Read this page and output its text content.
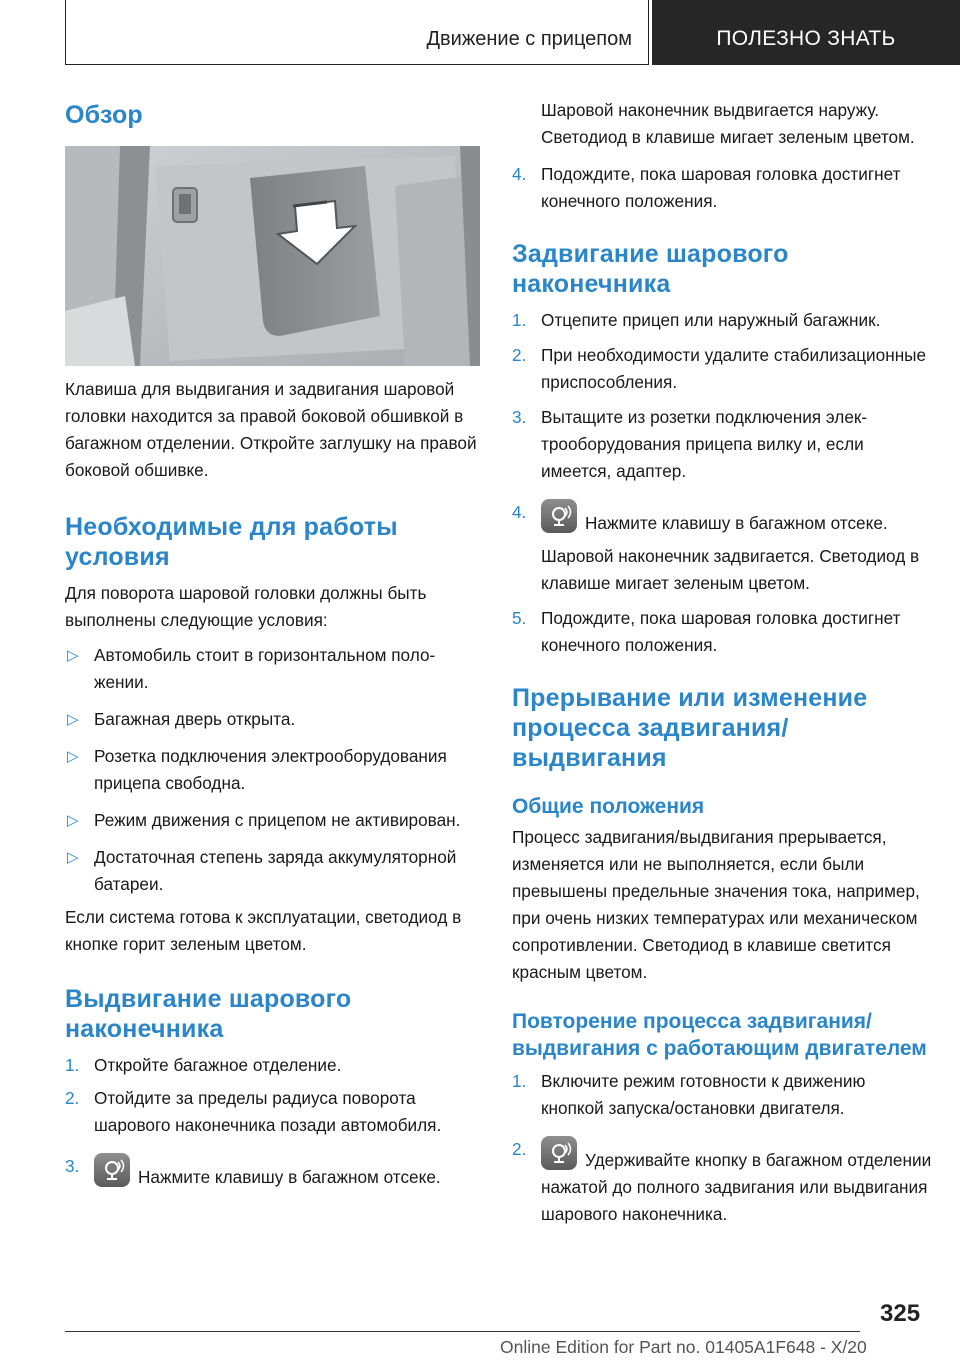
Движение с прицепом	ПОЛЕЗНО ЗНАТЬ
Обзор

Клавиша для выдвигания и задвигания шаровой головки находится за правой боковой обшивкой в багажном отделении. Откройте заглушку на правой боковой обшивке.

Необходимые для работы условия

Для поворота шаровой головки должны быть выполнены следующие условия:

▷ Автомобиль стоит в горизонтальном положении.
▷ Багажная дверь открыта.
▷ Розетка подключения электрооборудования прицепа свободна.
▷ Режим движения с прицепом не активирован.
▷ Достаточная степень заряда аккумуляторной батареи.

Если система готова к эксплуатации, светодиод в кнопке горит зеленым цветом.

Выдвигание шарового наконечника
1. Откройте багажное отделение.
2. Отойдите за пределы радиуса поворота шарового наконечника позади автомобиля.
3.
Нажмите клавишу в багажном отсеке.

Шаровой наконечник выдвигается наружу. Светодиод в клавише мигает зеленым цветом.

4. Подождите, пока шаровая головка достигнет конечного положения.
Задвигание шарового наконечника
1. Отцепите прицеп или наружный багажник.
2. При необходимости удалите стабилизационные приспособления.
3. Вытащите из розетки подключения электрооборудования прицепа вилку и, если имеется, адаптер.
4.
Нажмите клавишу в багажном отсеке.

Шаровой наконечник задвигается. Светодиод в клавише мигает зеленым цветом.

5. Подождите, пока шаровая головка достигнет конечного положения.
Прерывание или изменение процесса задвигания/выдвигания
Общие положения

Процесс задвигания/выдвигания прерывается, изменяется или не выполняется, если были превышены предельные значения тока, например, при очень низких температурах или механическом сопротивлении. Светодиод в клавише светится красным цветом.

Повторение процесса задвигания/выдвигания с работающим двигателем
1. Включите режим готовности к движению кнопкой запуска/остановки двигателя.
2.
Удерживайте кнопку в багажном отделении нажатой до полного задвигания или выдвигания шарового наконечника.
325
Online Edition for Part no. 01405A1F648 - X/20
